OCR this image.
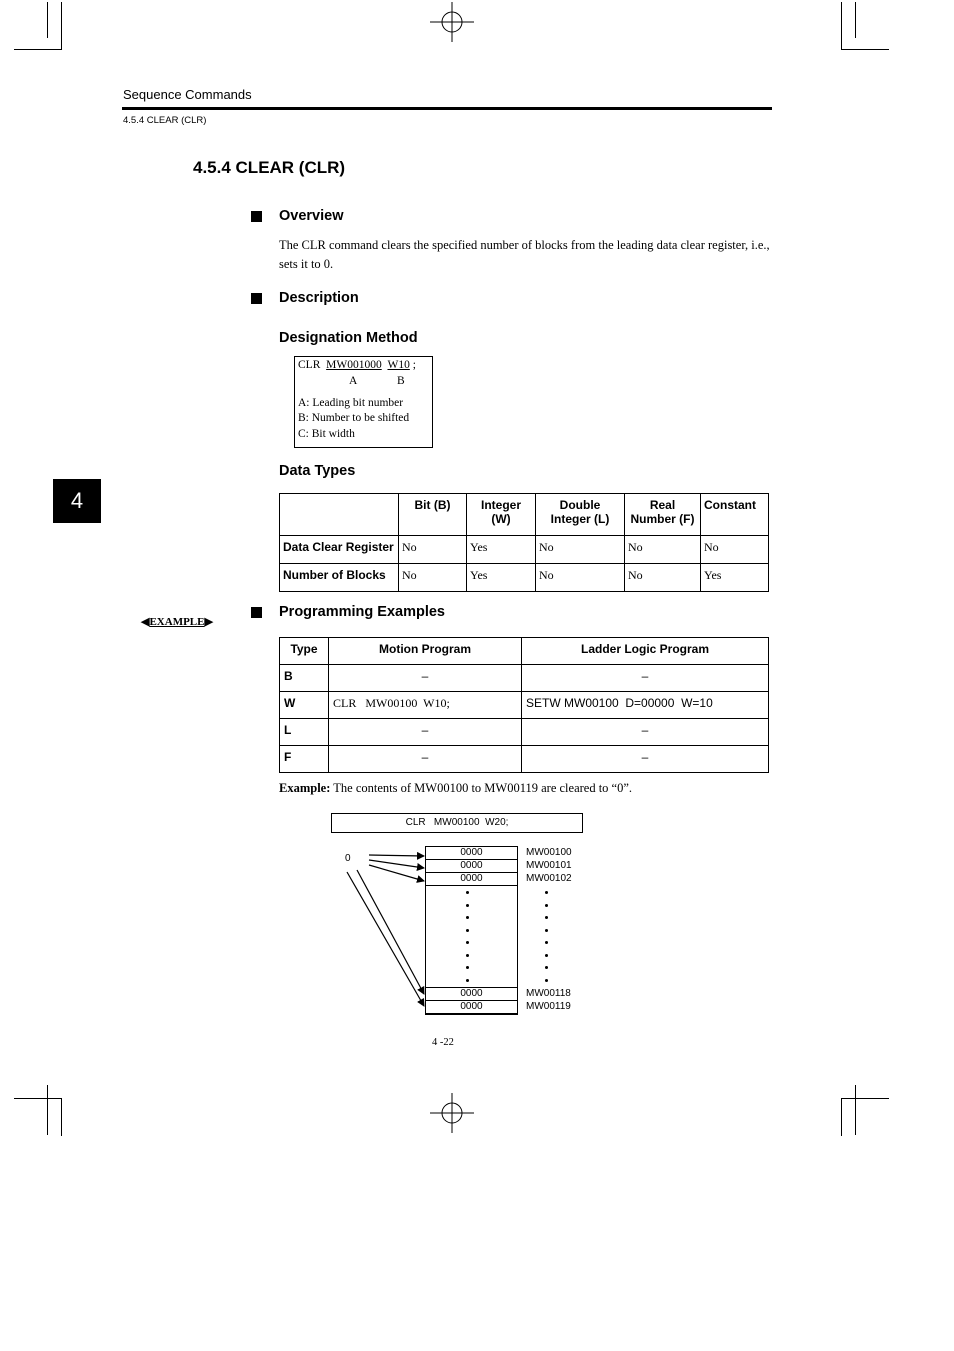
Sequence Commands
4.5.4 CLEAR (CLR)
4
4.5.4 CLEAR (CLR)
Overview
The CLR command clears the specified number of blocks from the leading data clear register, i.e., sets it to 0.
Description
Designation Method
CLR MW001000 W10 ;
A	B
A: Leading bit number
B: Number to be shifted
C: Bit width
Data Types
	Bit (B)	Integer (W)	Double Integer (L)	Real Number (F)	Constant
Data Clear Register	No	Yes	No	No	No
Number of Blocks	No	Yes	No	No	Yes
◀EXAMPLE▶
Programming Examples
Type	Motion Program	Ladder Logic Program
B	–	–
W	CLR   MW00100  W10;	SETW MW00100  D=00000  W=10
L	–	–
F	–	–
Example: The contents of MW00100 to MW00119 are cleared to “0”.
CLR   MW00100  W20;
0
0000
0000
0000
0000
0000
MW00100
MW00101
MW00102
MW00118
MW00119
4 -22
